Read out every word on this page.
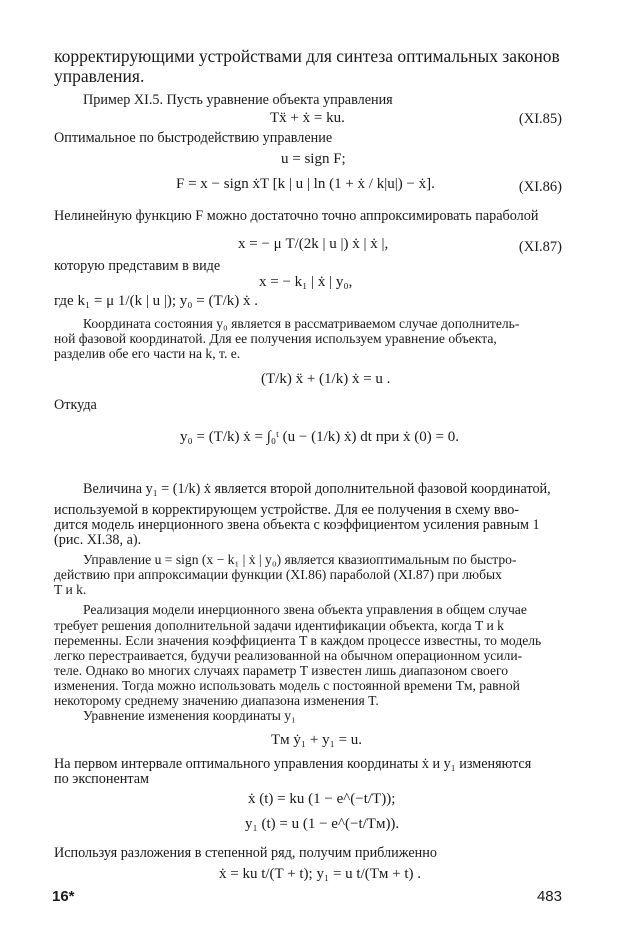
корректирующими устройствами для синтеза оптимальных законов
управления.
Пример XI.5. Пусть уравнение объекта управления
Tẍ + ẋ = ku.	(XI.85)
Оптимальное по быстродействию управление
u = sign F;
F = x − sign ẋT [k | u | ln (1 + ẋ / k|u|) − ẋ].	(XI.86)
Нелинейную функцию F можно достаточно точно аппроксимировать параболой
x = − μ T/(2k | u |) ẋ | ẋ |,	(XI.87)
которую представим в виде
x = − k₁ | ẋ | y₀,
где k₁ = μ 1/(k | u |); y₀ = (T/k) ẋ .
Координата состояния y₀ является в рассматриваемом случае дополнитель-
ной фазовой координатой. Для ее получения используем уравнение объекта,
разделив обе его части на k, т. е.
(T/k) ẍ + (1/k) ẋ = u .
Откуда
y₀ = (T/k) ẋ = ∫₀ᵗ (u − (1/k) ẋ) dt при ẋ (0) = 0.
Величина y₁ = (1/k) ẋ является второй дополнительной фазовой координатой,
используемой в корректирующем устройстве. Для ее получения в схему вво-
дится модель инерционного звена объекта с коэффициентом усиления равным 1
(рис. XI.38, а).
Управление u = sign (x − k₁ | ẋ | y₀) является квазиоптимальным по быстро-
действию при аппроксимации функции (XI.86) параболой (XI.87) при любых
T и k.
Реализация модели инерционного звена объекта управления в общем случае
требует решения дополнительной задачи идентификации объекта, когда T и k
переменны. Если значения коэффициента T в каждом процессе известны, то модель
легко перестраивается, будучи реализованной на обычном операционном усили-
теле. Однако во многих случаях параметр T известен лишь диапазоном своего
изменения. Тогда можно использовать модель с постоянной времени Tм, равной
некоторому среднему значению диапазона изменения T.
Уравнение изменения координаты y₁
Tм ẏ₁ + y₁ = u.
На первом интервале оптимального управления координаты ẋ и y₁ изменяются
по экспонентам
ẋ (t) = ku (1 − e^(−t/T));
y₁ (t) = u (1 − e^(−t/Tм)).
Используя разложения в степенной ряд, получим приближенно
ẋ = ku t/(T + t); y₁ = u t/(Tм + t) .
16*	483
